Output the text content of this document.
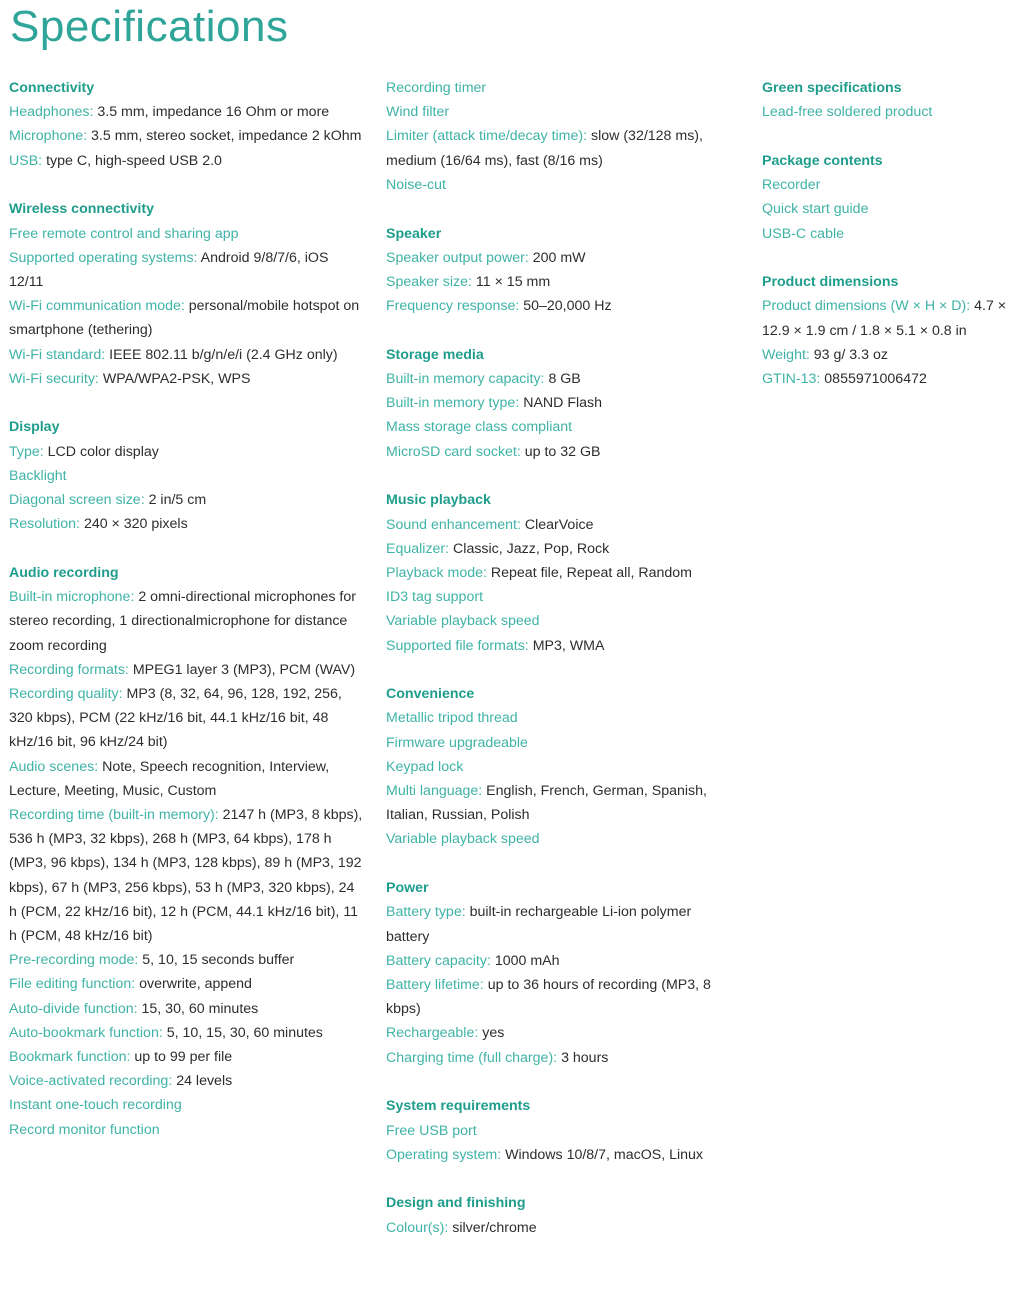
Specifications
Connectivity
Headphones: 3.5 mm, impedance 16 Ohm or more
Microphone: 3.5 mm, stereo socket, impedance 2 kOhm
USB: type C, high-speed USB 2.0
Wireless connectivity
Free remote control and sharing app
Supported operating systems: Android 9/8/7/6, iOS 12/11
Wi-Fi communication mode: personal/mobile hotspot on smartphone (tethering)
Wi-Fi standard: IEEE 802.11 b/g/n/e/i (2.4 GHz only)
Wi-Fi security: WPA/WPA2-PSK, WPS
Display
Type: LCD color display
Backlight
Diagonal screen size: 2 in/5 cm
Resolution: 240 × 320 pixels
Audio recording
Built-in microphone: 2 omni-directional microphones for stereo recording, 1 directionalmicrophone for distance zoom recording
Recording formats: MPEG1 layer 3 (MP3), PCM (WAV)
Recording quality: MP3 (8, 32, 64, 96, 128, 192, 256, 320 kbps), PCM (22 kHz/16 bit, 44.1 kHz/16 bit, 48 kHz/16 bit, 96 kHz/24 bit)
Audio scenes: Note, Speech recognition, Interview, Lecture, Meeting, Music, Custom
Recording time (built-in memory): 2147 h (MP3, 8 kbps), 536 h (MP3, 32 kbps), 268 h (MP3, 64 kbps), 178 h (MP3, 96 kbps), 134 h (MP3, 128 kbps), 89 h (MP3, 192 kbps), 67 h (MP3, 256 kbps), 53 h (MP3, 320 kbps), 24 h (PCM, 22 kHz/16 bit), 12 h (PCM, 44.1 kHz/16 bit), 11 h (PCM, 48 kHz/16 bit)
Pre-recording mode: 5, 10, 15 seconds buffer
File editing function: overwrite, append
Auto-divide function: 15, 30, 60 minutes
Auto-bookmark function: 5, 10, 15, 30, 60 minutes
Bookmark function: up to 99 per file
Voice-activated recording: 24 levels
Instant one-touch recording
Record monitor function
Recording timer
Wind filter
Limiter (attack time/decay time): slow (32/128 ms), medium (16/64 ms), fast (8/16 ms)
Noise-cut
Speaker
Speaker output power: 200 mW
Speaker size: 11 × 15 mm
Frequency response: 50–20,000 Hz
Storage media
Built-in memory capacity: 8 GB
Built-in memory type: NAND Flash
Mass storage class compliant
MicroSD card socket: up to 32 GB
Music playback
Sound enhancement: ClearVoice
Equalizer: Classic, Jazz, Pop, Rock
Playback mode: Repeat file, Repeat all, Random
ID3 tag support
Variable playback speed
Supported file formats: MP3, WMA
Convenience
Metallic tripod thread
Firmware upgradeable
Keypad lock
Multi language: English, French, German, Spanish, Italian, Russian, Polish
Variable playback speed
Power
Battery type: built-in rechargeable Li-ion polymer battery
Battery capacity: 1000 mAh
Battery lifetime: up to 36 hours of recording (MP3, 8 kbps)
Rechargeable: yes
Charging time (full charge): 3 hours
System requirements
Free USB port
Operating system: Windows 10/8/7, macOS, Linux
Design and finishing
Colour(s): silver/chrome
Green specifications
Lead-free soldered product
Package contents
Recorder
Quick start guide
USB-C cable
Product dimensions
Product dimensions (W × H × D): 4.7 × 12.9 × 1.9 cm / 1.8 × 5.1 × 0.8 in
Weight: 93 g/ 3.3 oz
GTIN-13: 0855971006472
